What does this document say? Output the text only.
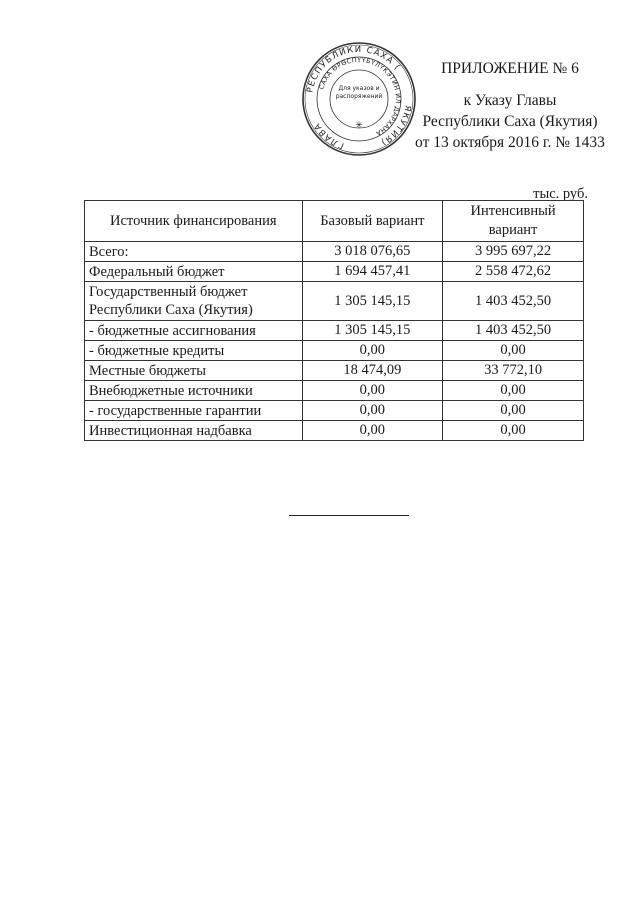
РЕСПУБЛИКИ САХА (
ЯКУТИЯ)
ГЛАВА
САХА ӨРӨСПҮҮБҮЛҮКЭТИН ИЛ ДАРХАНА
Для указов и распоряжений
✳
ПРИЛОЖЕНИЕ № 6
к Указу Главы
Республики Саха (Якутия)
от 13 октября 2016 г. № 1433
тыс. руб.
Источник финансирования	Базовый вариант	Интенсивный вариант
Всего:	3 018 076,65	3 995 697,22
Федеральный бюджет	1 694 457,41	2 558 472,62
Государственный бюджет Республики Саха (Якутия)	1 305 145,15	1 403 452,50
- бюджетные ассигнования	1 305 145,15	1 403 452,50
- бюджетные кредиты	0,00	0,00
Местные бюджеты	18 474,09	33 772,10
Внебюджетные источники	0,00	0,00
- государственные гарантии	0,00	0,00
Инвестиционная надбавка	0,00	0,00
